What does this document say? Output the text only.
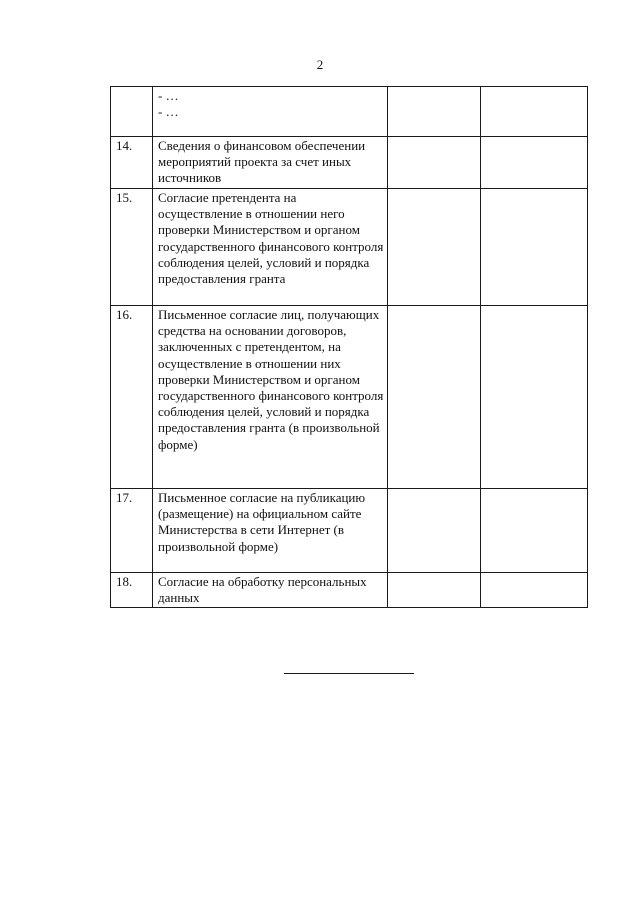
2

	- …
- …		

14.	Сведения о финансовом обеспечении мероприятий проекта за счет иных источников		
15.	Согласие претендента на осуществление в отношении него проверки Министерством и органом государственного финансового контроля соблюдения целей, условий и порядка предоставления гранта		
16.	Письменное согласие лиц, получающих средства на основании договоров, заключенных с претендентом, на осуществление в отношении них проверки Министерством и органом государственного финансового контроля соблюдения целей, условий и порядка предоставления гранта (в произвольной форме)		
17.	Письменное согласие на публикацию (размещение) на официальном сайте Министерства в сети Интернет (в произвольной форме)		
18.	Согласие на обработку персональных данных		
